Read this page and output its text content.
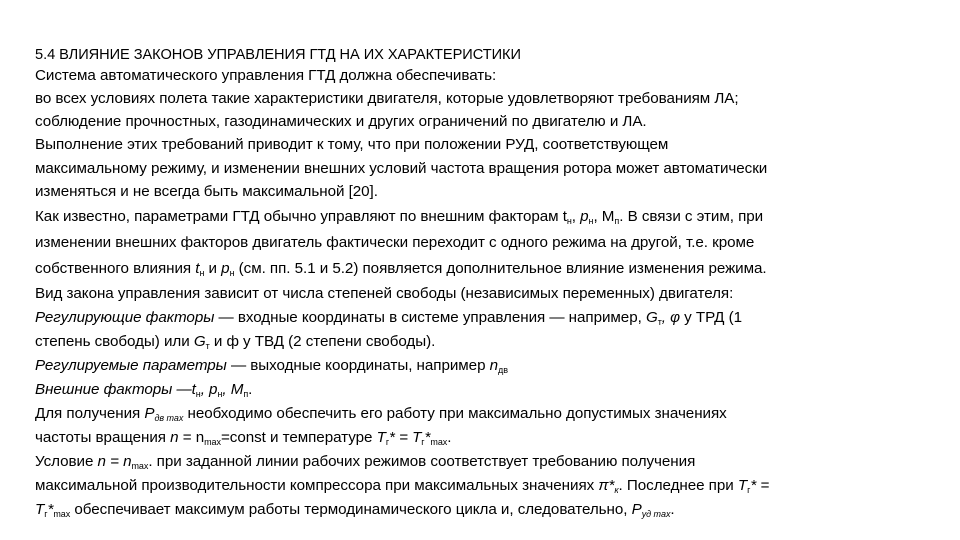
5.4 ВЛИЯНИЕ ЗАКОНОВ УПРАВЛЕНИЯ ГТД НА ИХ ХАРАКТЕРИСТИКИ
Система автоматического управления ГТД должна обеспечивать:
во всех условиях полета такие характеристики двигателя, которые удовлетворяют требованиям ЛА;
соблюдение прочностных, газодинамических и других ограничений по двигателю и ЛА.
Выполнение этих требований приводит к тому, что при положении РУД, соответствующем
максимальному режиму, и изменении внешних условий частота вращения ротора может автоматически
изменяться и не всегда быть максимальной [20].
Как известно, параметрами ГТД обычно управляют по внешним факторам $t_н$, $p_н$, $М_п$. В связи с этим, при
изменении внешних факторов двигатель фактически переходит с одного режима на другой, т.е. кроме
собственного влияния $t_н$ и $p_н$ (см. пп. 5.1 и 5.2) появляется дополнительное влияние изменения режима.
Вид закона управления зависит от числа степеней свободы (независимых переменных) двигателя:
Регулирующие факторы — входные координаты в системе управления — например, $G_т$, φ у ТРД (1
степень свободы) или $G_т$ и ф у ТВД (2 степени свободы).
Регулируемые параметры — выходные координаты, например $n_{дв}$
Внешние факторы $—t_н$, $p_н$, $М_п$.
Для получения $P_{дв max}$ необходимо обеспечить его работу при максимально допустимых значениях
частоты вращения $n = n_{max}=const$ и температуре $T_г* = T_г*_{max}$.
Условие $n = n_{max}$. при заданной линии рабочих режимов соответствует требованию получения
максимальной производительности компрессора при максимальных значениях $\pi*_к$. Последнее при $T_г*$ =
$T_г*_{max}$ обеспечивает максимум работы термодинамического цикла и, следовательно, $P_{уд max}$.
